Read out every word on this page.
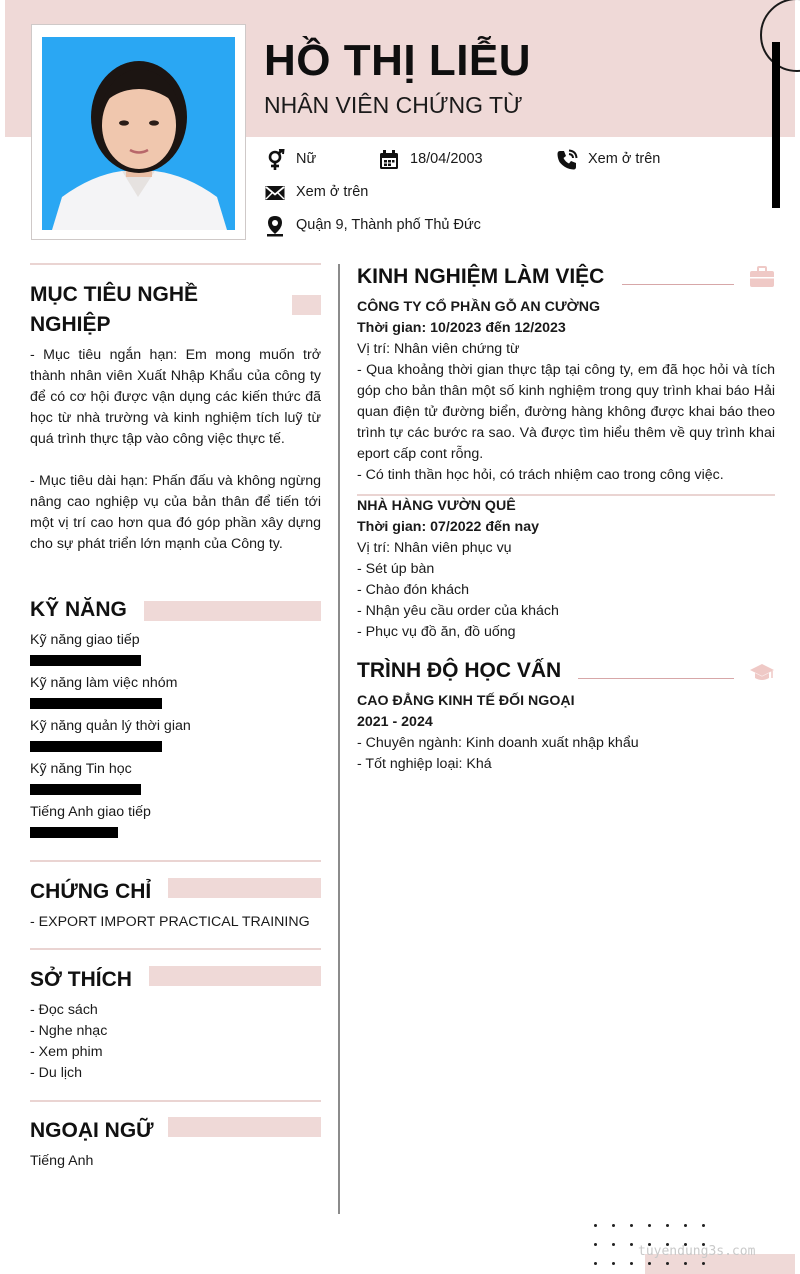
HỒ THỊ LIỄU
NHÂN VIÊN CHỨNG TỪ
Nữ	18/04/2003	Xem ở trên
Xem ở trên
Quận 9, Thành phố Thủ Đức
MỤC TIÊU NGHỀ
NGHIỆP
- Mục tiêu ngắn hạn: Em mong muốn trở thành nhân viên Xuất Nhập Khẩu của công ty để có cơ hội được vận dụng các kiến thức đã học từ nhà trường và kinh nghiệm tích luỹ từ quá trình thực tập vào công việc thực tế.
- Mục tiêu dài hạn: Phấn đấu và không ngừng nâng cao nghiệp vụ của bản thân để tiến tới một vị trí cao hơn qua đó góp phần xây dựng cho sự phát triển lớn mạnh của Công ty.
KỸ NĂNG
Kỹ năng giao tiếp
Kỹ năng làm việc nhóm
Kỹ năng quản lý thời gian
Kỹ năng Tin học
Tiếng Anh giao tiếp
CHỨNG CHỈ
- EXPORT IMPORT PRACTICAL TRAINING
SỞ THÍCH
- Đọc sách
- Nghe nhạc
- Xem phim
- Du lịch
NGOẠI NGỮ
Tiếng Anh
KINH NGHIỆM LÀM VIỆC
CÔNG TY CỔ PHẦN GỖ AN CƯỜNG
Thời gian: 10/2023 đến 12/2023
Vị trí: Nhân viên chứng từ
- Qua khoảng thời gian thực tập tại công ty, em đã học hỏi và tích góp cho bản thân một số kinh nghiệm trong quy trình khai báo Hải quan điện tử đường biển, đường hàng không được khai báo theo trình tự các bước ra sao. Và được tìm hiểu thêm về quy trình khai eport cấp cont rỗng.
- Có tinh thần học hỏi, có trách nhiệm cao trong công việc.
NHÀ HÀNG VƯỜN QUÊ
Thời gian: 07/2022 đến nay
Vị trí: Nhân viên phục vụ
- Sét úp bàn
- Chào đón khách
- Nhận yêu cầu order của khách
- Phục vụ đồ ăn, đồ uống
TRÌNH ĐỘ HỌC VẤN
CAO ĐẲNG KINH TẾ ĐỐI NGOẠI
2021 - 2024
- Chuyên ngành: Kinh doanh xuất nhập khẩu
- Tốt nghiệp loại: Khá
tuyendung3s.com
